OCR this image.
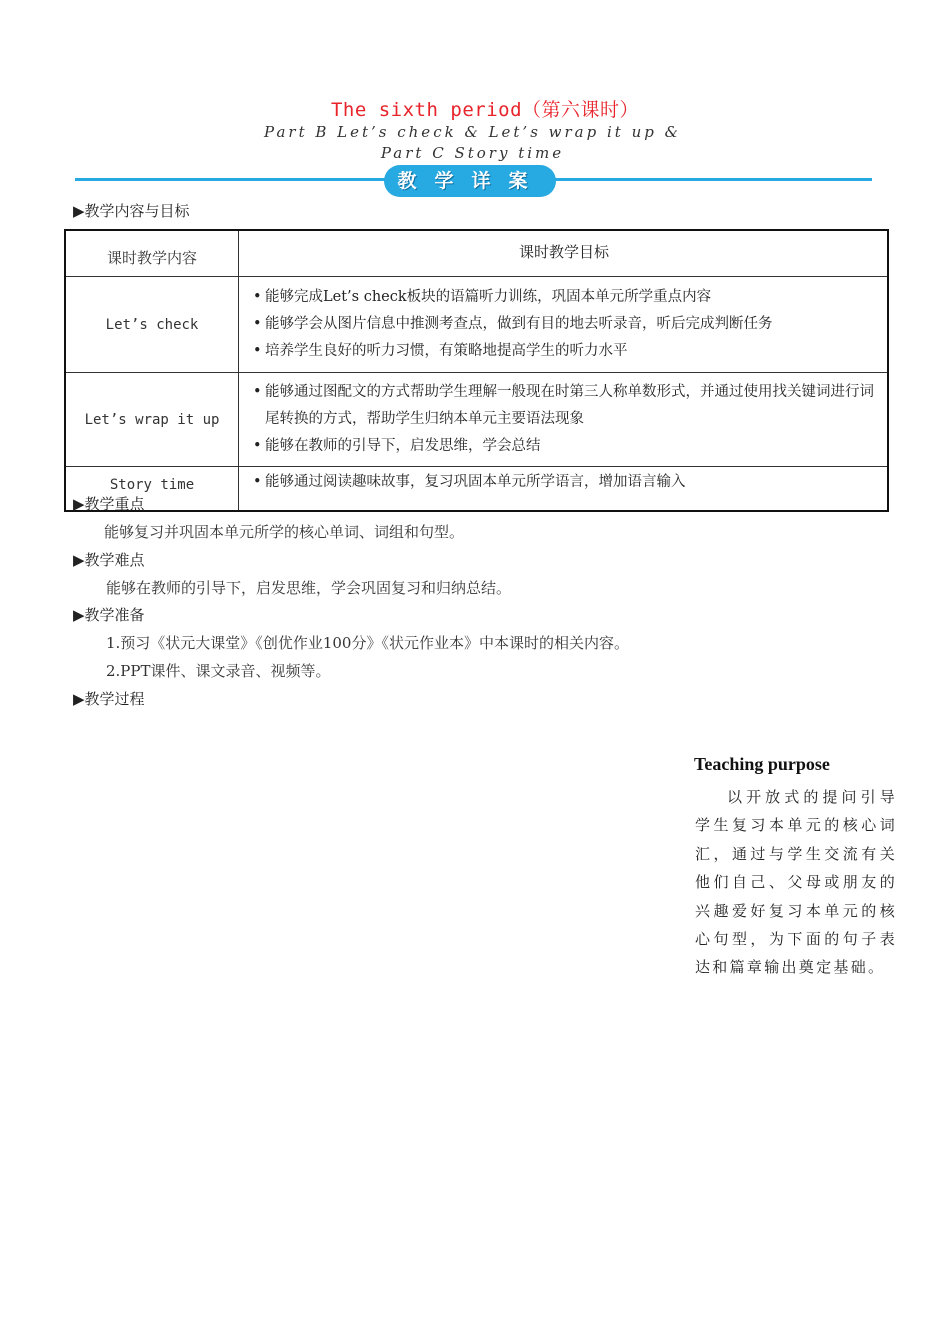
The sixth period（第六课时）
Part B Let’s check & Let’s wrap it up &
Part C Story time
教 学 详 案
▶教学内容与目标
课时教学内容	课时教学目标
Let’s check	• 能够完成Let’s check板块的语篇听力训练，巩固本单元所学重点内容
• 能够学会从图片信息中推测考查点，做到有目的地去听录音，听后完成判断任务
• 培养学生良好的听力习惯，有策略地提高学生的听力水平

Let’s wrap it up	• 能够通过图配文的方式帮助学生理解一般现在时第三人称单数形式，并通过使用找关键词进行词尾转换的方式，帮助学生归纳本单元主要语法现象
• 能够在教师的引导下，启发思维，学会总结

Story time	• 能够通过阅读趣味故事，复习巩固本单元所学语言，增加语言输入
▶教学重点
能够复习并巩固本单元所学的核心单词、词组和句型。
▶教学难点
能够在教师的引导下，启发思维，学会巩固复习和归纳总结。
▶教学准备
1.预习《状元大课堂》《创优作业100分》《状元作业本》中本课时的相关内容。
2.PPT课件、课文录音、视频等。
▶教学过程
Teaching purpose
以开放式的提问引导学生复习本单元的核心词汇，通过与学生交流有关他们自己、父母或朋友的兴趣爱好复习本单元的核心句型，为下面的句子表达和篇章输出奠定基础。
